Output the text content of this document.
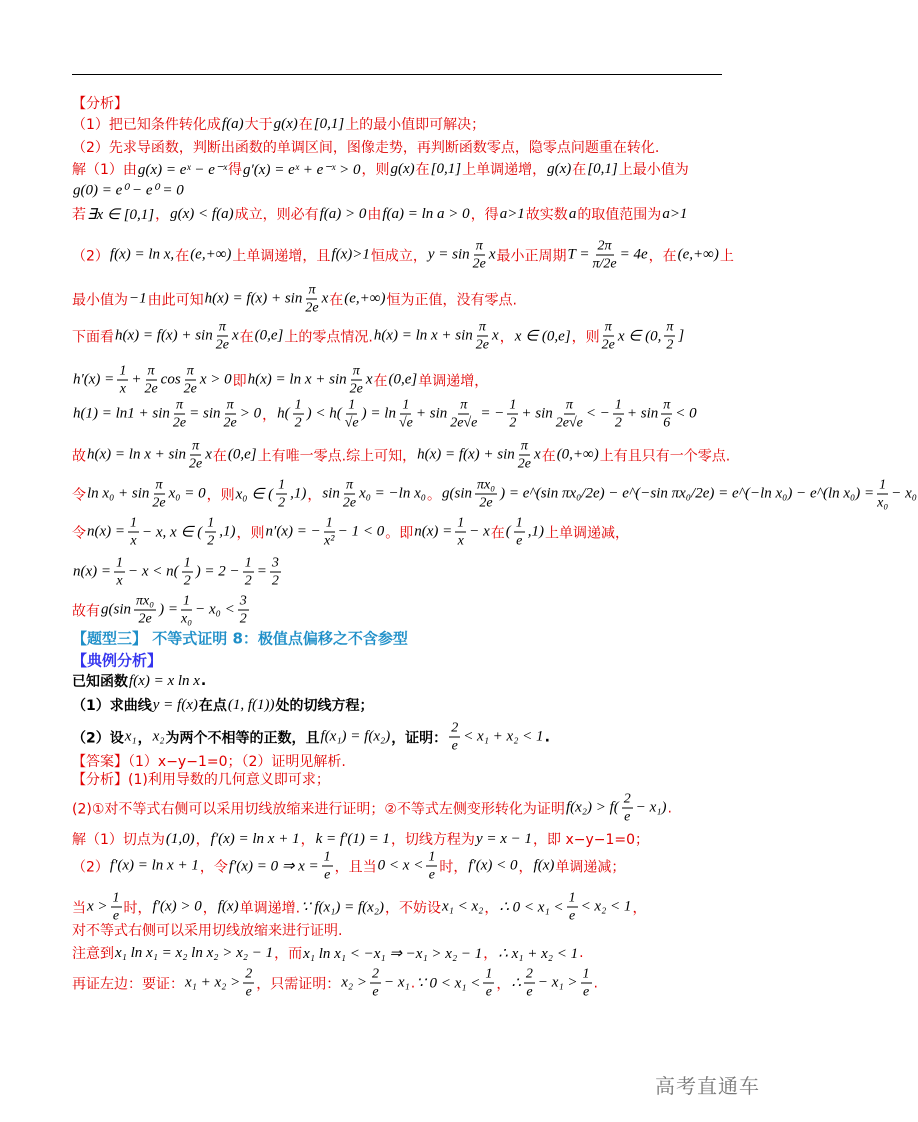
【分析】
（1）把已知条件转化成 f(a) 大于 g(x) 在 [0,1] 上的最小值即可解决；
（2）先求导函数，判断出函数的单调区间，图像走势，再判断函数零点，隐零点问题重在转化.
解（1）由 g(x) = eˣ − e⁻ˣ 得 g′(x) = eˣ + e⁻ˣ > 0 ，则 g(x) 在 [0,1] 上单调递增， g(x) 在 [0,1] 上最小值为
g(0) = e⁰ − e⁰ = 0
若 ∃x ∈ [0,1] ， g(x) < f(a) 成立，则必有 f(a) > 0 由 f(a) = ln a > 0 ，得 a>1 故实数 a 的取值范围为 a>1
（2） f(x) = ln x, 在 (e,+∞) 上单调递增，且 f(x)>1 恒成立， $y = \sin \frac{\pi}{2e}$ x 最小正周期 $T = \frac{2\pi}{\pi/2e} = 4e$ ，在 (e,+∞) 上
最小值为 −1 由此可知 $h(x) = f(x) + \sin \frac{\pi}{2e}$ x 在 (e,+∞) 恒为正值，没有零点.
下面看 $h(x) = f(x) + \sin \frac{\pi}{2e}$ x 在 (0,e] 上的零点情况. $h(x) = \ln x + \sin \frac{\pi}{2e}$ x ， x ∈ (0,e] ，则 $\frac{\pi}{2e}$ x ∈ (0, $\frac{\pi}{2}$ ]
$h'(x) = \frac{1}{x} + \frac{\pi}{2e}$ $\cos \frac{\pi}{2e}$ x > 0 即 $h(x) = \ln x + \sin \frac{\pi}{2e}$ x 在 (0,e] 单调递增，
$h(1) = \ln 1 + \sin \frac{\pi}{2e} = \sin \frac{\pi}{2e} > 0$ ， $h( \frac{1}{2}$ ) < $h( \frac{1}{√e}$ ) = $\ln \frac{1}{√e} + \sin \frac{\pi}{2e√e}$ = − $\frac{1}{2} + \sin \frac{\pi}{2e√e}$ < − $\frac{1}{2} + \sin \frac{\pi}{6} < 0$
故 $h(x) = \ln x + \sin \frac{\pi}{2e}$ x 在 (0,e] 上有唯一零点.综上可知， $h(x) = f(x) + \sin \frac{\pi}{2e}$ x 在 (0,+∞) 上有且只有一个零点.
令 $\ln x_0 + \sin \frac{\pi}{2e} x_0 = 0$ ，则 x₀ ∈ ( $\frac{1}{2} ,1$) ， $\sin \frac{\pi}{2e} x_0 = -\ln$ x₀ 。 $g(\sin \frac{\text{πx₀}}{2e}$ ) = e^(sin πx₀/2e) − e^(−sin πx₀/2e) = e^(−ln x₀) − e^(ln $x_0) = \frac{1}{\text{x₀}} - x_0$
令 $n(x) = \frac{1}{x} - x$, x ∈ ( $\frac{1}{2} ,1$) ，则 n′(x) = − $\frac{1}{\text{x²}} - 1 < 0$ 。即 $n(x) = \frac{1}{x} - x$ 在 ( $\frac{1}{e} ,1$) 上单调递减，
$n(x) = \frac{1}{x} - x < n( \frac{1}{2}$ ) = $2 - \frac{1}{2} = \frac{3}{2}$
故有 $g(\sin \frac{\text{πx₀}}{2e}$ ) = $\frac{1}{\text{x₀}} - x_0 < \frac{3}{2}$
【题型三】 不等式证明 8：极值点偏移之不含参型
【典例分析】
已知函数 f(x) = x ln x .
（1）求曲线 y = f(x) 在点 (1, f(1)) 处的切线方程；
（2）设 x₁ ， x₂ 为两个不相等的正数，且 f(x₁) = f(x₂) ，证明： $\frac{2}{e} < x_1 + x_2 < 1$ .
【答案】（1）x−y−1=0；（2）证明见解析.
【分析】(1)利用导数的几何意义即可求；
(2)①对不等式右侧可以采用切线放缩来进行证明；②不等式左侧变形转化为证明 $f(x_2) > f( \frac{2}{e} - x_1)$ .
解（1）切点为 (1,0) ， f′(x) = ln x + 1 ， k = f′(1) = 1 ，切线方程为 y = x − 1 ，即 x−y−1=0；
（2） f′(x) = ln x + 1 ，令 f′(x) = 0 ⇒ $x = \frac{1}{e}$ ，且当 $0 < x < \frac{1}{e}$ 时， f′(x) < 0 ， f(x) 单调递减；
当 $x > \frac{1}{e}$ 时， f′(x) > 0 ， f(x) 单调递增. ∵ f(x₁) = f(x₂) ，不妨设 x₁ < x₂ ， ∴ $0 < x_1 < \frac{1}{e} < x_2 < 1$ ，
对不等式右侧可以采用切线放缩来进行证明.
注意到 x₁ ln x₁ = x₂ ln x₂ > x₂ − 1 ，而 x₁ ln x₁ < −x₁ ⇒ −x₁ > x₂ − 1 ， ∴ x₁ + x₂ < 1 .
再证左边：要证： $x_1 + x_2 > \frac{2}{e}$ ，只需证明： $x_2 > \frac{2}{e} - x_1$ . ∵ $0 < x_1 < \frac{1}{e}$ ， ∴ $\frac{2}{e} - x_1 > \frac{1}{e}$ .
高考直通车
